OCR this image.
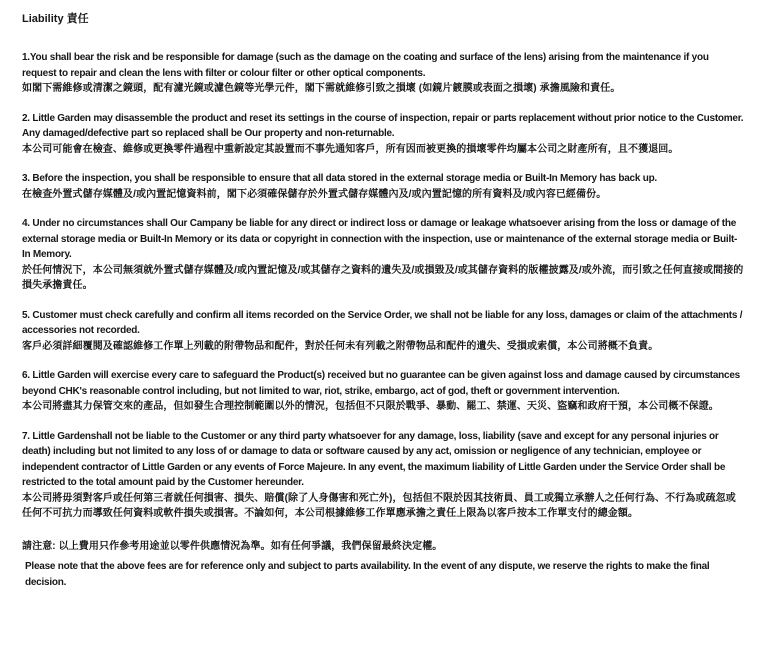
Liability 責任
1.You shall bear the risk and be responsible for damage (such as the damage on the coating and surface of the lens) arising from the maintenance if you request to repair and clean the lens with filter or colour filter or other optical components.
如閣下需維修或清潔之鏡頭，配有濾光鏡或濾色鏡等光學元件，閣下需就維修引致之損壞 (如鏡片鍍膜或表面之損壞) 承擔風險和責任。
2. Little Garden may disassemble the product and reset its settings in the course of inspection, repair or parts replacement without prior notice to the Customer. Any damaged/defective part so replaced shall be Our property and non-returnable.
本公司可能會在檢查、維修或更換零件過程中重新設定其設置而不事先通知客戶，所有因而被更換的損壞零件均屬本公司之財產所有，且不獲退回。
3. Before the inspection, you shall be responsible to ensure that all data stored in the external storage media or Built-In Memory has back up.
在檢查外置式儲存媒體及/或內置記憶資料前，閣下必須確保儲存於外置式儲存媒體內及/或內置記憶的所有資料及/或內容已經備份。
4. Under no circumstances shall Our Campany be liable for any direct or indirect loss or damage or leakage whatsoever arising from the loss or damage of the external storage media or Built-In Memory or its data or copyright in connection with the inspection, use or maintenance of the external storage media or Built-In Memory.
於任何情況下，本公司無須就外置式儲存媒體及/或內置記憶及/或其儲存之資料的遺失及/或損毀及/或其儲存資料的版權披露及/或外流，而引致之任何直接或間接的損失承擔責任。
5. Customer must check carefully and confirm all items recorded on the Service Order, we shall not be liable for any loss, damages or claim of the attachments / accessories not recorded.
客戶必須詳細覆閱及確認維修工作單上列載的附帶物品和配件，對於任何未有列載之附帶物品和配件的遺失、受損或索償，本公司將概不負責。
6. Little Garden will exercise every care to safeguard the Product(s) received but no guarantee can be given against loss and damage caused by circumstances beyond CHK's reasonable control including, but not limited to war, riot, strike, embargo, act of god, theft or government intervention.
本公司將盡其力保管交來的產品，但如發生合理控制範圍以外的情況，包括但不只限於戰爭、暴動、罷工、禁運、天災、盜竊和政府干預，本公司概不保證。
7. Little Gardenshall not be liable to the Customer or any third party whatsoever for any damage, loss, liability (save and except for any personal injuries or death) including but not limited to any loss of or damage to data or software caused by any act, omission or negligence of any technician, employee or independent contractor of Little Garden or any events of Force Majeure. In any event, the maximum liability of Little Garden under the Service Order shall be restricted to the total amount paid by the Customer hereunder.
本公司將毋須對客戶或任何第三者就任何損害、損失、賠償(除了人身傷害和死亡外)，包括但不限於因其技術員、員工或獨立承辦人之任何行為、不行為或疏忽或任何不可抗力而導致任何資料或軟件損失或損害。不論如何，本公司根據維修工作單應承擔之責任上限為以客戶按本工作單支付的總金額。
請注意: 以上費用只作參考用途並以零件供應情況為準。如有任何爭議，我們保留最終決定權。
Please note that the above fees are for reference only and subject to parts availability. In the event of any dispute, we reserve the rights to make the final decision.
